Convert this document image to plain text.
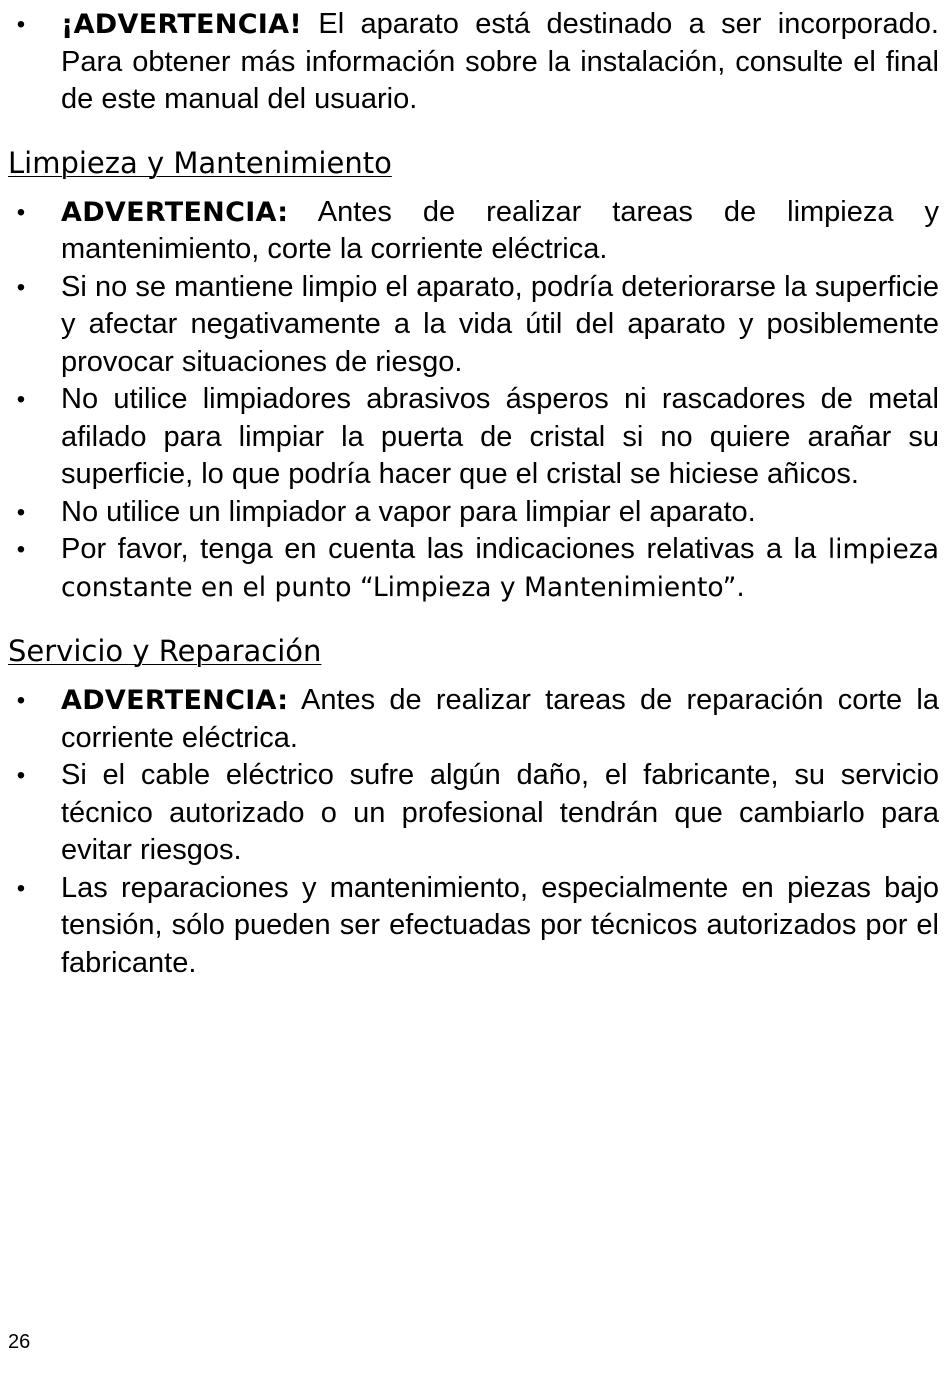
• ¡ADVERTENCIA! El aparato está destinado a ser incorporado. Para obtener más información sobre la instalación, consulte el final de este manual del usuario.
Limpieza y Mantenimiento
• ADVERTENCIA: Antes de realizar tareas de limpieza y mantenimiento, corte la corriente eléctrica.
• Si no se mantiene limpio el aparato, podría deteriorarse la superficie y afectar negativamente a la vida útil del aparato y posiblemente provocar situaciones de riesgo.
• No utilice limpiadores abrasivos ásperos ni rascadores de metal afilado para limpiar la puerta de cristal si no quiere arañar su superficie, lo que podría hacer que el cristal se hiciese añicos.
• No utilice un limpiador a vapor para limpiar el aparato.
• Por favor, tenga en cuenta las indicaciones relativas a la limpieza constante en el punto “Limpieza y Mantenimiento”.
Servicio y Reparación
• ADVERTENCIA: Antes de realizar tareas de reparación corte la corriente eléctrica.
• Si el cable eléctrico sufre algún daño, el fabricante, su servicio técnico autorizado o un profesional tendrán que cambiarlo para evitar riesgos.
• Las reparaciones y mantenimiento, especialmente en piezas bajo tensión, sólo pueden ser efectuadas por técnicos autorizados por el fabricante.
26
